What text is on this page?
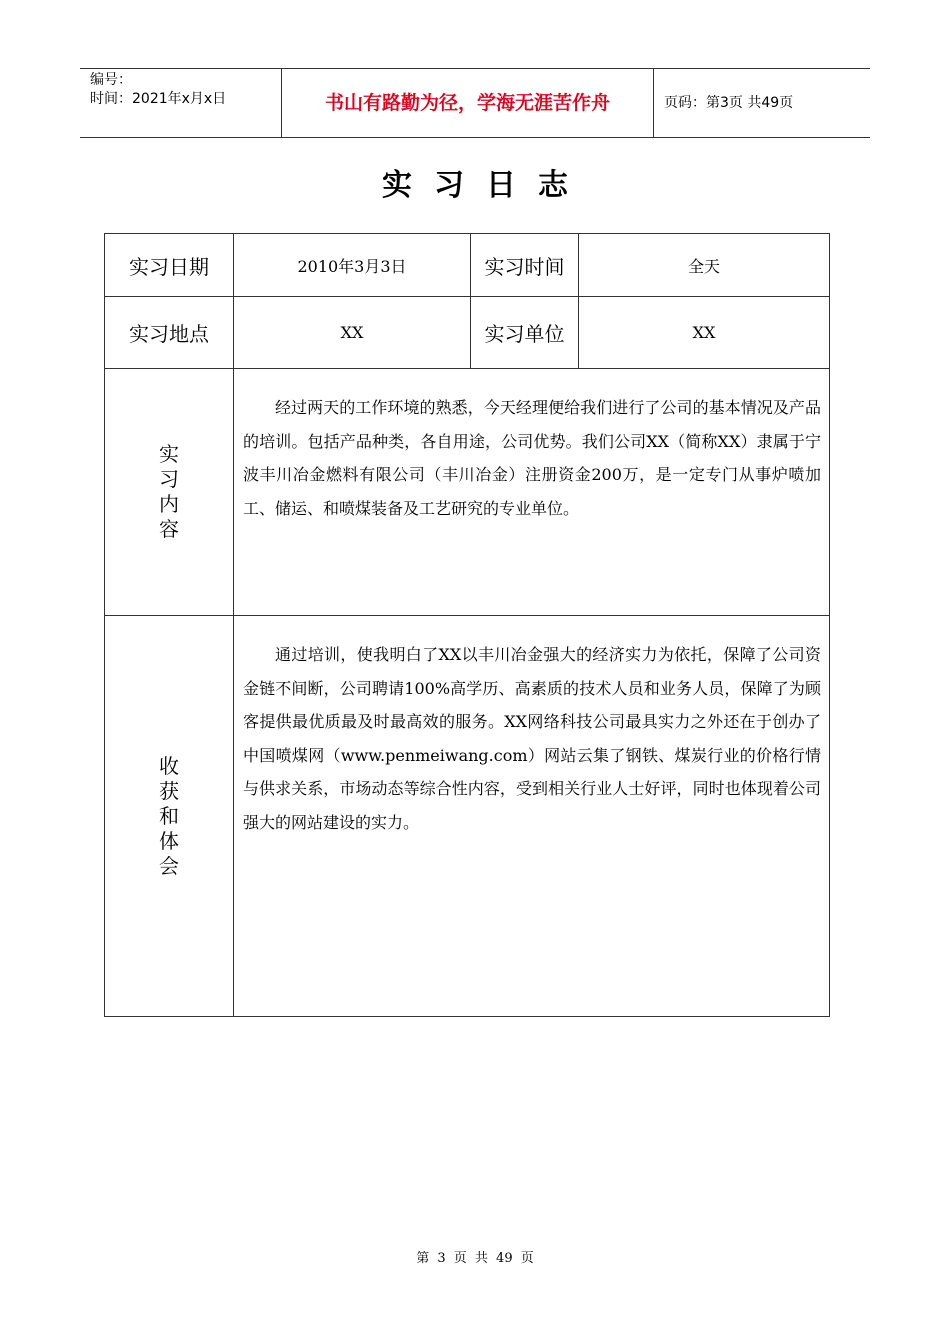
编号：
时间：2021年x月x日	书山有路勤为径，学海无涯苦作舟	页码：第3页 共49页
实习日志
实习日期	2010年3月3日	实习时间	全天
实习地点	XX	实习单位	XX

实
习
内
容	经过两天的工作环境的熟悉，今天经理便给我们进行了公司的基本情况及产品的培训。包括产品种类，各自用途，公司优势。我们公司XX（简称XX）隶属于宁波丰川冶金燃料有限公司（丰川冶金）注册资金200万，是一定专门从事炉喷加工、储运、和喷煤装备及工艺研究的专业单位。		

收
获
和
体
会	通过培训，使我明白了XX以丰川冶金强大的经济实力为依托，保障了公司资金链不间断，公司聘请100%高学历、高素质的技术人员和业务人员，保障了为顾客提供最优质最及时最高效的服务。XX网络科技公司最具实力之外还在于创办了中国喷煤网（www.penmeiwang.com）网站云集了钢铁、煤炭行业的价格行情与供求关系，市场动态等综合性内容，受到相关行业人士好评，同时也体现着公司强大的网站建设的实力。		
第 3 页 共 49 页
